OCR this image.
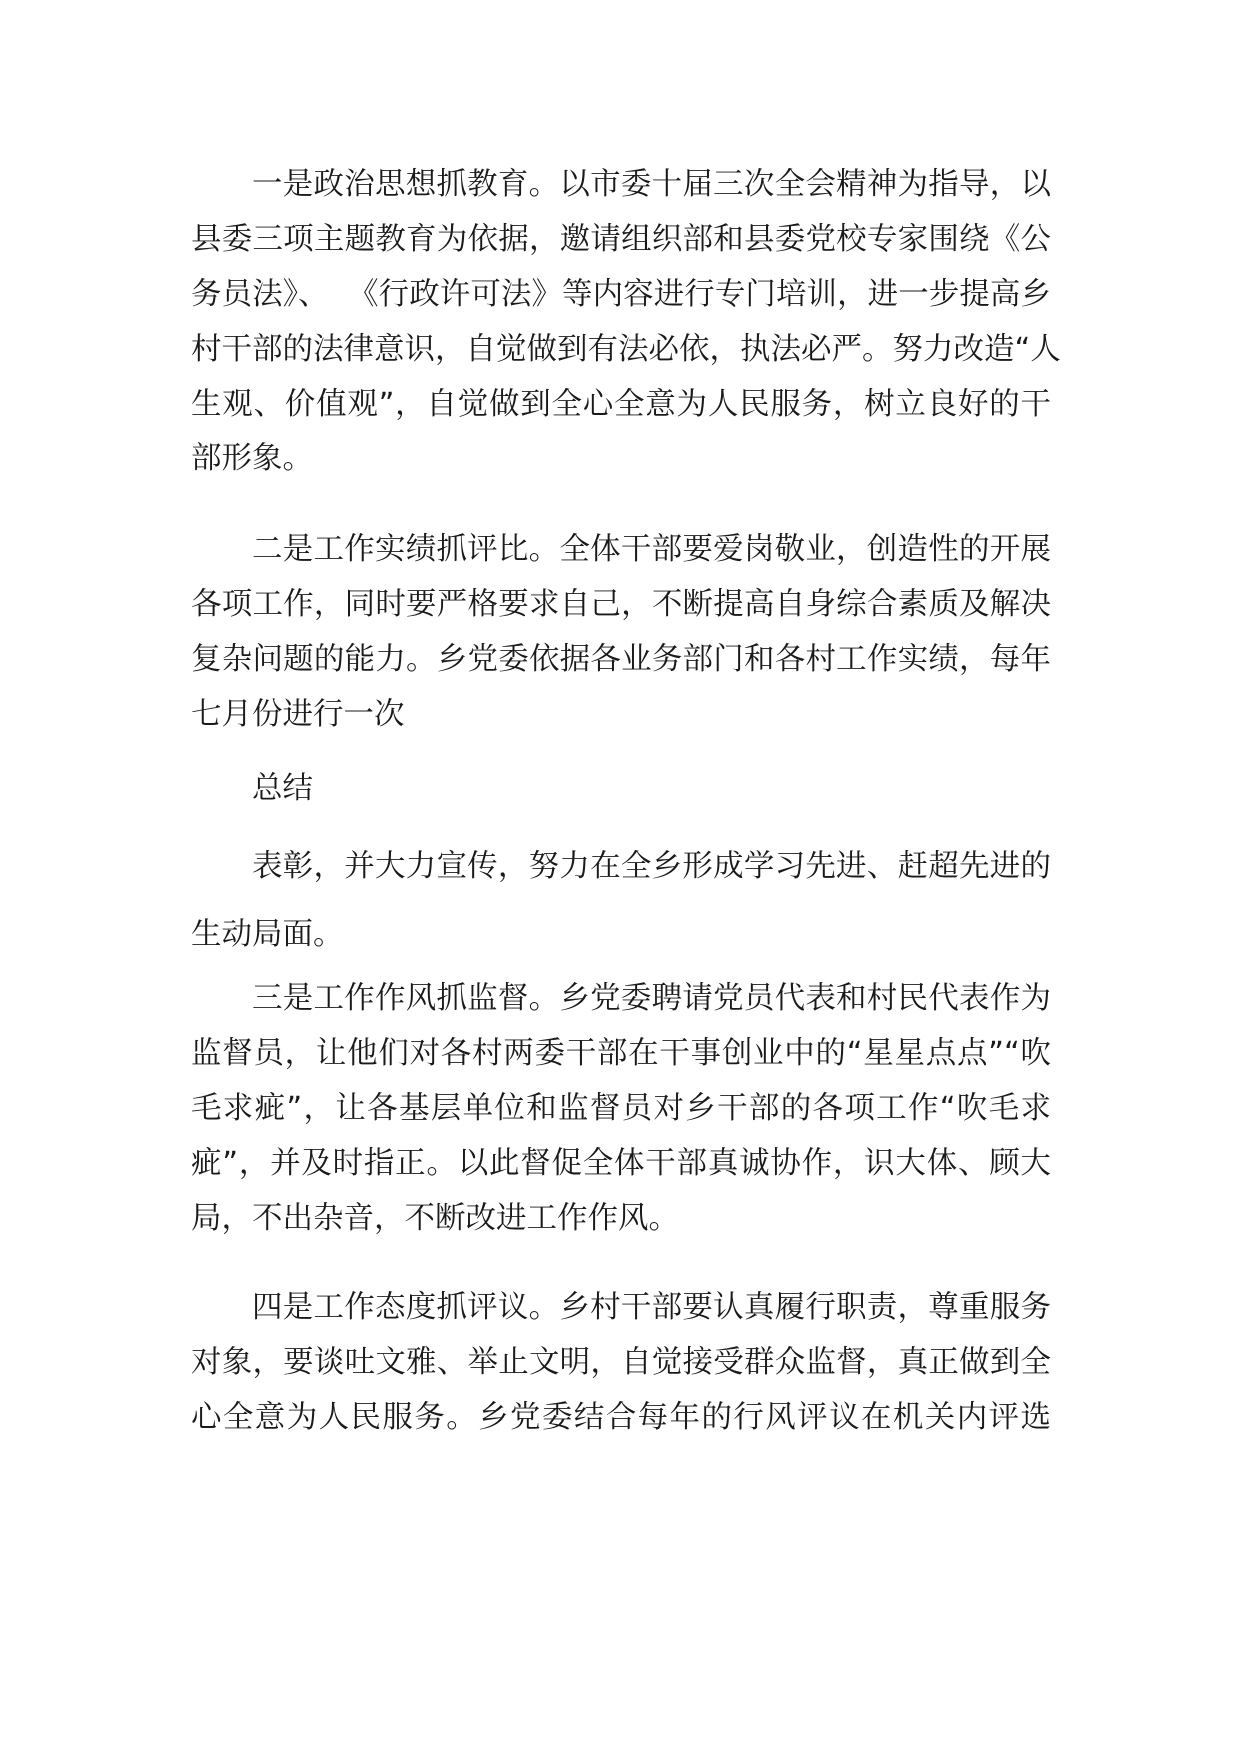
一是政治思想抓教育。以市委十届三次全会精神为指导，以
县委三项主题教育为依据，邀请组织部和县委党校专家围绕《公
务员法》、  《行政许可法》等内容进行专门培训，进一步提高乡
村干部的法律意识，自觉做到有法必依，执法必严。努力改造“人
生观、价值观”，自觉做到全心全意为人民服务，树立良好的干
部形象。
二是工作实绩抓评比。全体干部要爱岗敬业，创造性的开展
各项工作，同时要严格要求自己，不断提高自身综合素质及解决
复杂问题的能力。乡党委依据各业务部门和各村工作实绩，每年
七月份进行一次
总结
表彰，并大力宣传，努力在全乡形成学习先进、赶超先进的
生动局面。
三是工作作风抓监督。乡党委聘请党员代表和村民代表作为
监督员，让他们对各村两委干部在干事创业中的“星星点点”“吹
毛求疵”，让各基层单位和监督员对乡干部的各项工作“吹毛求
疵”，并及时指正。以此督促全体干部真诚协作，识大体、顾大
局，不出杂音，不断改进工作作风。
四是工作态度抓评议。乡村干部要认真履行职责，尊重服务
对象，要谈吐文雅、举止文明，自觉接受群众监督，真正做到全
心全意为人民服务。乡党委结合每年的行风评议在机关内评选
